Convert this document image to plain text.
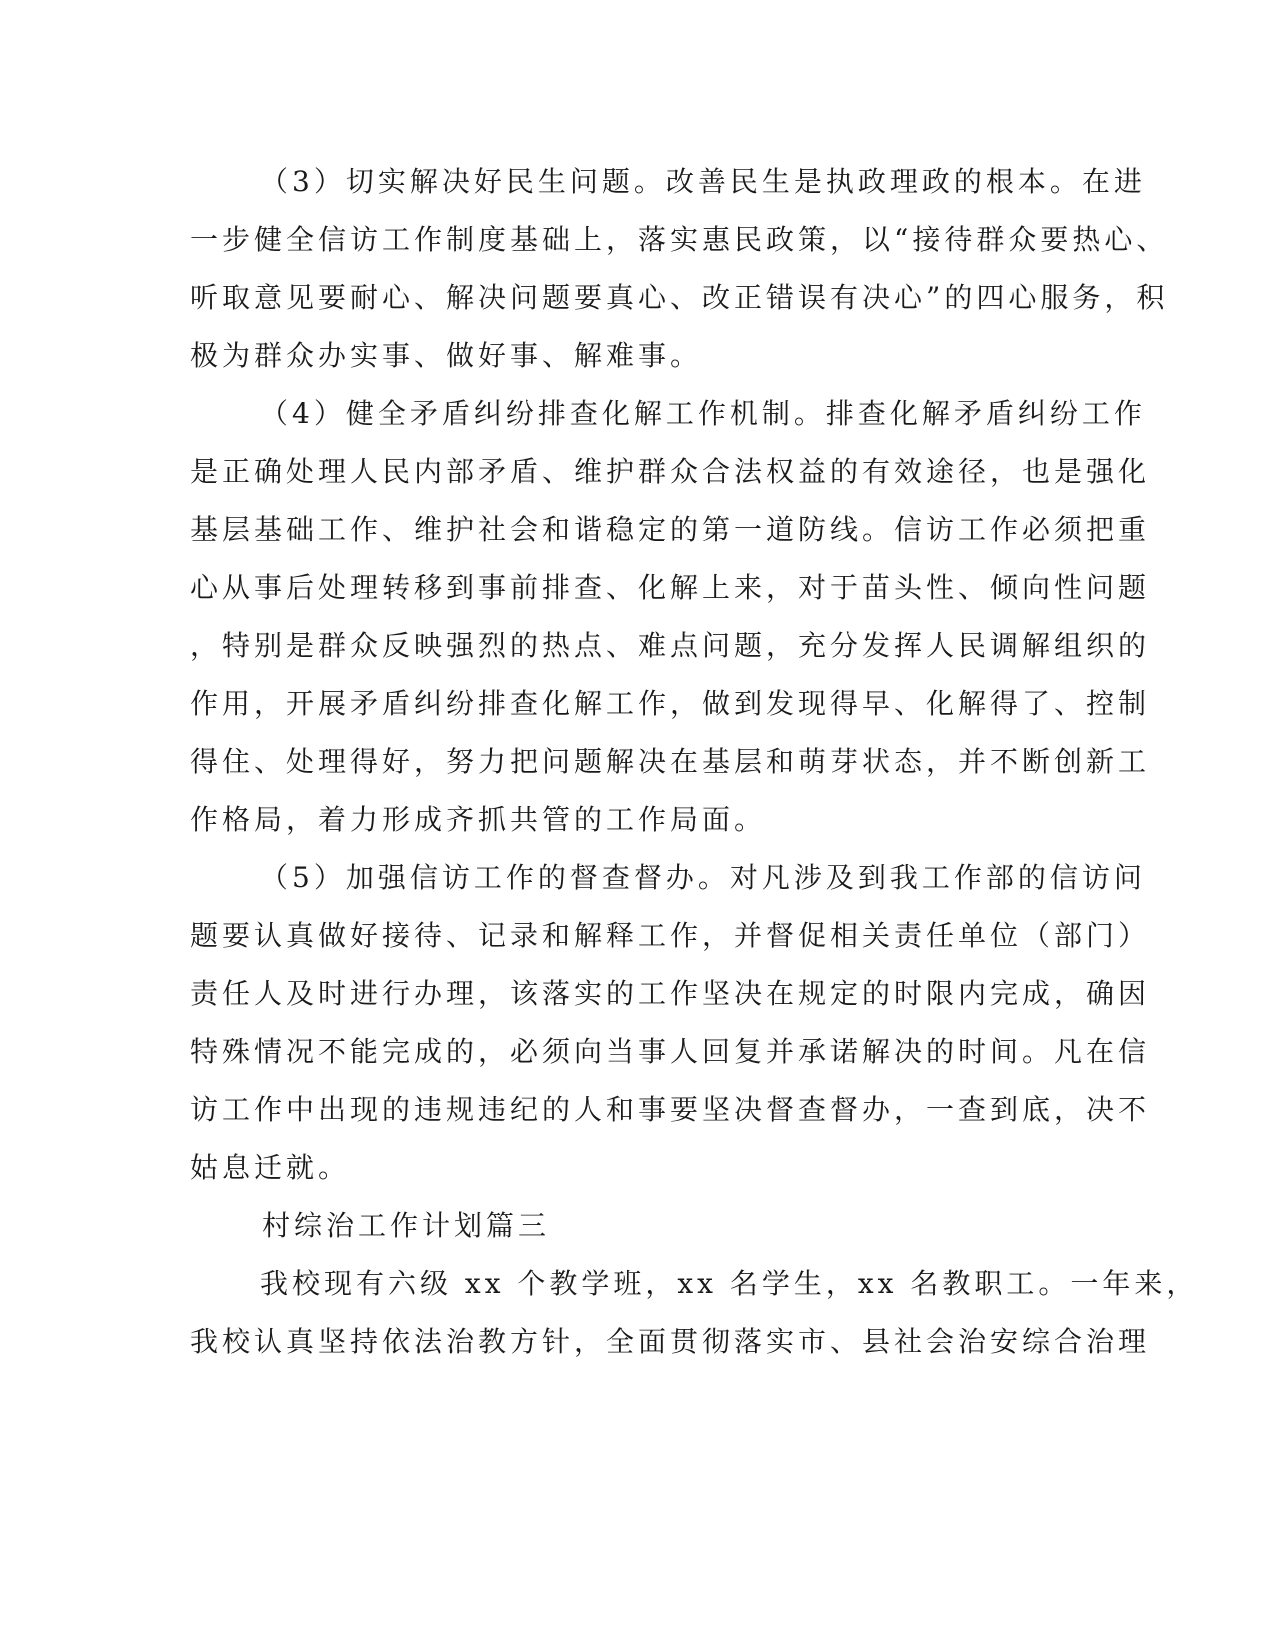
（3）切实解决好民生问题。改善民生是执政理政的根本。在进
一步健全信访工作制度基础上，落实惠民政策，以“接待群众要热心、
听取意见要耐心、解决问题要真心、改正错误有决心”的四心服务，积
极为群众办实事、做好事、解难事。
（4）健全矛盾纠纷排查化解工作机制。排查化解矛盾纠纷工作
是正确处理人民内部矛盾、维护群众合法权益的有效途径，也是强化
基层基础工作、维护社会和谐稳定的第一道防线。信访工作必须把重
心从事后处理转移到事前排查、化解上来，对于苗头性、倾向性问题
，特别是群众反映强烈的热点、难点问题，充分发挥人民调解组织的
作用，开展矛盾纠纷排查化解工作，做到发现得早、化解得了、控制
得住、处理得好，努力把问题解决在基层和萌芽状态，并不断创新工
作格局，着力形成齐抓共管的工作局面。
（5）加强信访工作的督查督办。对凡涉及到我工作部的信访问
题要认真做好接待、记录和解释工作，并督促相关责任单位（部门）
责任人及时进行办理，该落实的工作坚决在规定的时限内完成，确因
特殊情况不能完成的，必须向当事人回复并承诺解决的时间。凡在信
访工作中出现的违规违纪的人和事要坚决督查督办，一查到底，决不
姑息迁就。
村综治工作计划篇三
我校现有六级 xx 个教学班，xx 名学生，xx 名教职工。一年来，
我校认真坚持依法治教方针，全面贯彻落实市、县社会治安综合治理
